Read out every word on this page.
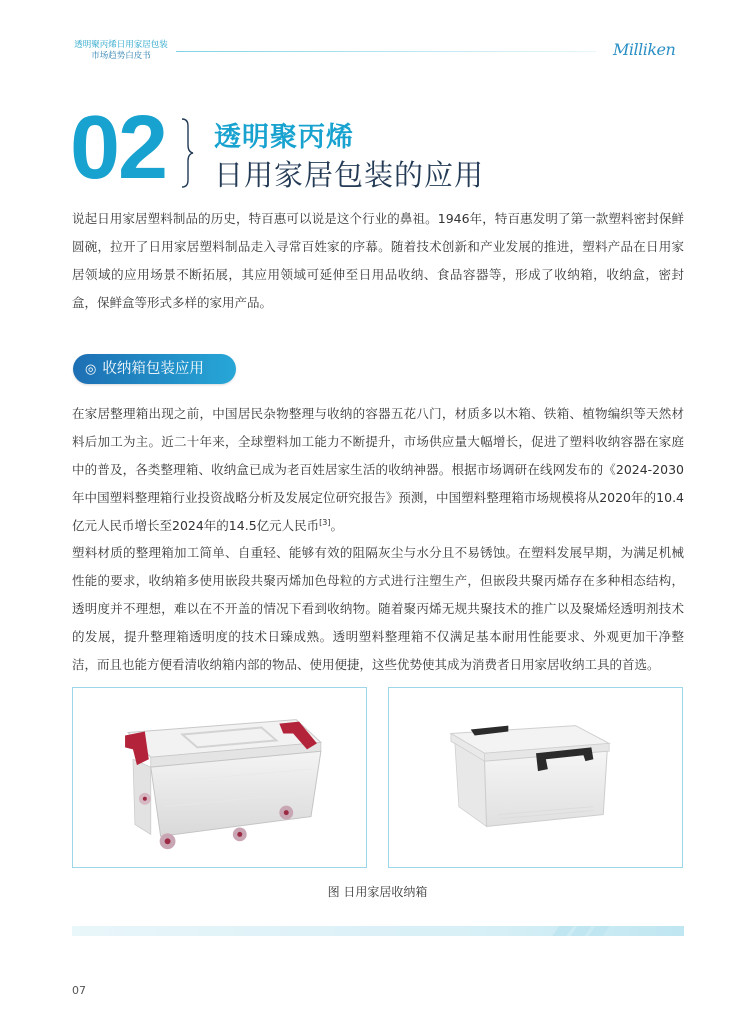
透明聚丙烯日用家居包装
市场趋势白皮书	Milliken
02 透明聚丙烯
日用家居包装的应用

说起日用家居塑料制品的历史，特百惠可以说是这个行业的鼻祖。1946年，特百惠发明了第一款塑料密封保鲜圆碗，拉开了日用家居塑料制品走入寻常百姓家的序幕。随着技术创新和产业发展的推进，塑料产品在日用家居领域的应用场景不断拓展，其应用领域可延伸至日用品收纳、食品容器等，形成了收纳箱，收纳盒，密封盒，保鲜盒等形式多样的家用产品。

◎ 收纳箱包装应用

在家居整理箱出现之前，中国居民杂物整理与收纳的容器五花八门，材质多以木箱、铁箱、植物编织等天然材料后加工为主。近二十年来，全球塑料加工能力不断提升，市场供应量大幅增长，促进了塑料收纳容器在家庭中的普及，各类整理箱、收纳盒已成为老百姓居家生活的收纳神器。根据市场调研在线网发布的《2024-2030年中国塑料整理箱行业投资战略分析及发展定位研究报告》预测，中国塑料整理箱市场规模将从2020年的10.4亿元人民币增长至2024年的14.5亿元人民币[3]。

塑料材质的整理箱加工简单、自重轻、能够有效的阻隔灰尘与水分且不易锈蚀。在塑料发展早期，为满足机械性能的要求，收纳箱多使用嵌段共聚丙烯加色母粒的方式进行注塑生产，但嵌段共聚丙烯存在多种相态结构，透明度并不理想，难以在不开盖的情况下看到收纳物。随着聚丙烯无规共聚技术的推广以及聚烯烃透明剂技术的发展，提升整理箱透明度的技术日臻成熟。透明塑料整理箱不仅满足基本耐用性能要求、外观更加干净整洁，而且也能方便看清收纳箱内部的物品、使用便捷，这些优势使其成为消费者日用家居收纳工具的首选。

图 日用家居收纳箱
07
